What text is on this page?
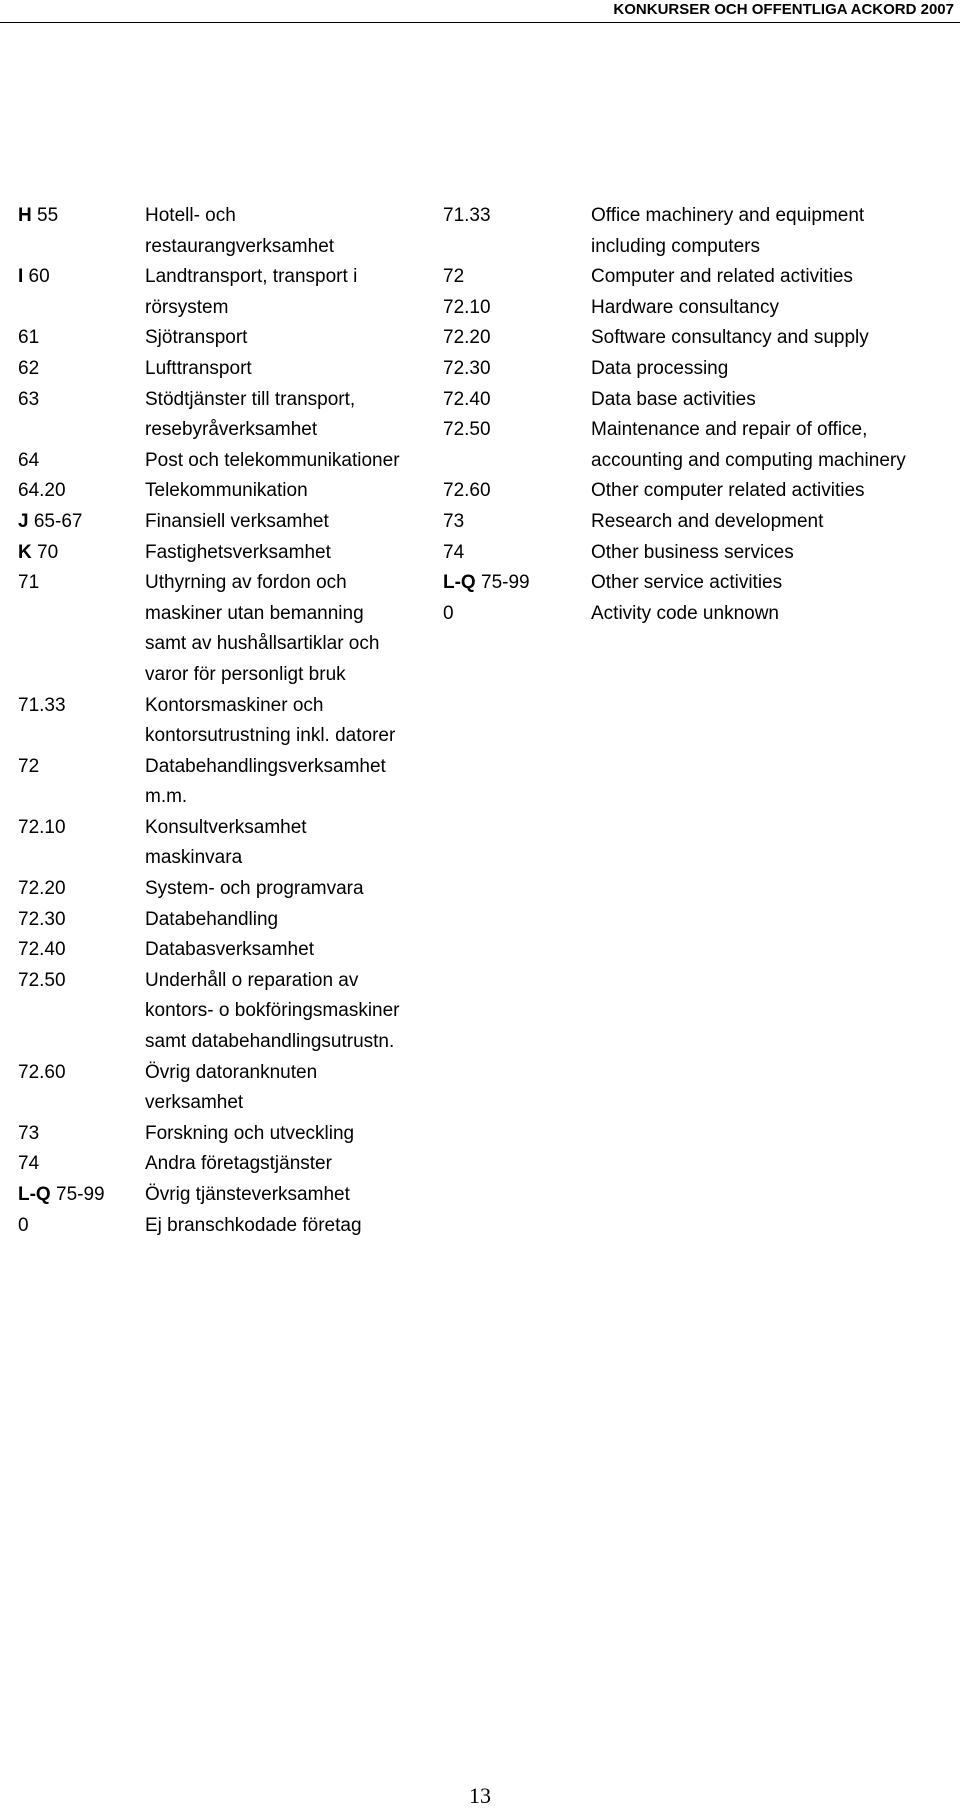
KONKURSER OCH OFFENTLIGA ACKORD 2007
H 55	Hotell- och
restaurangverksamhet
I 60	Landtransport, transport i
rörsystem
61	Sjötransport
62	Lufttransport
63	Stödtjänster till transport,
resebyråverksamhet
64	Post och telekommunikationer
64.20	Telekommunikation
J 65-67	Finansiell verksamhet
K 70	Fastighetsverksamhet
71	Uthyrning av fordon och
maskiner utan bemanning
samt av hushållsartiklar och
varor för personligt bruk
71.33	Kontorsmaskiner och
kontorsutrustning inkl. datorer
72	Databehandlingsverksamhet
m.m.
72.10	Konsultverksamhet
maskinvara
72.20	System- och programvara
72.30	Databehandling
72.40	Databasverksamhet
72.50	Underhåll o reparation av
kontors- o bokföringsmaskiner
samt databehandlingsutrustn.
72.60	Övrig datoranknuten
verksamhet
73	Forskning och utveckling
74	Andra företagstjänster
L-Q 75-99	Övrig tjänsteverksamhet
0	Ej branschkodade företag
71.33	Office machinery and equipment
including computers
72	Computer and related activities
72.10	Hardware consultancy
72.20	Software consultancy and supply
72.30	Data processing
72.40	Data base activities
72.50	Maintenance and repair of office,
accounting and computing machinery
72.60	Other computer related activities
73	Research and development
74	Other business services
L-Q 75-99	Other service activities
0	Activity code unknown
13
